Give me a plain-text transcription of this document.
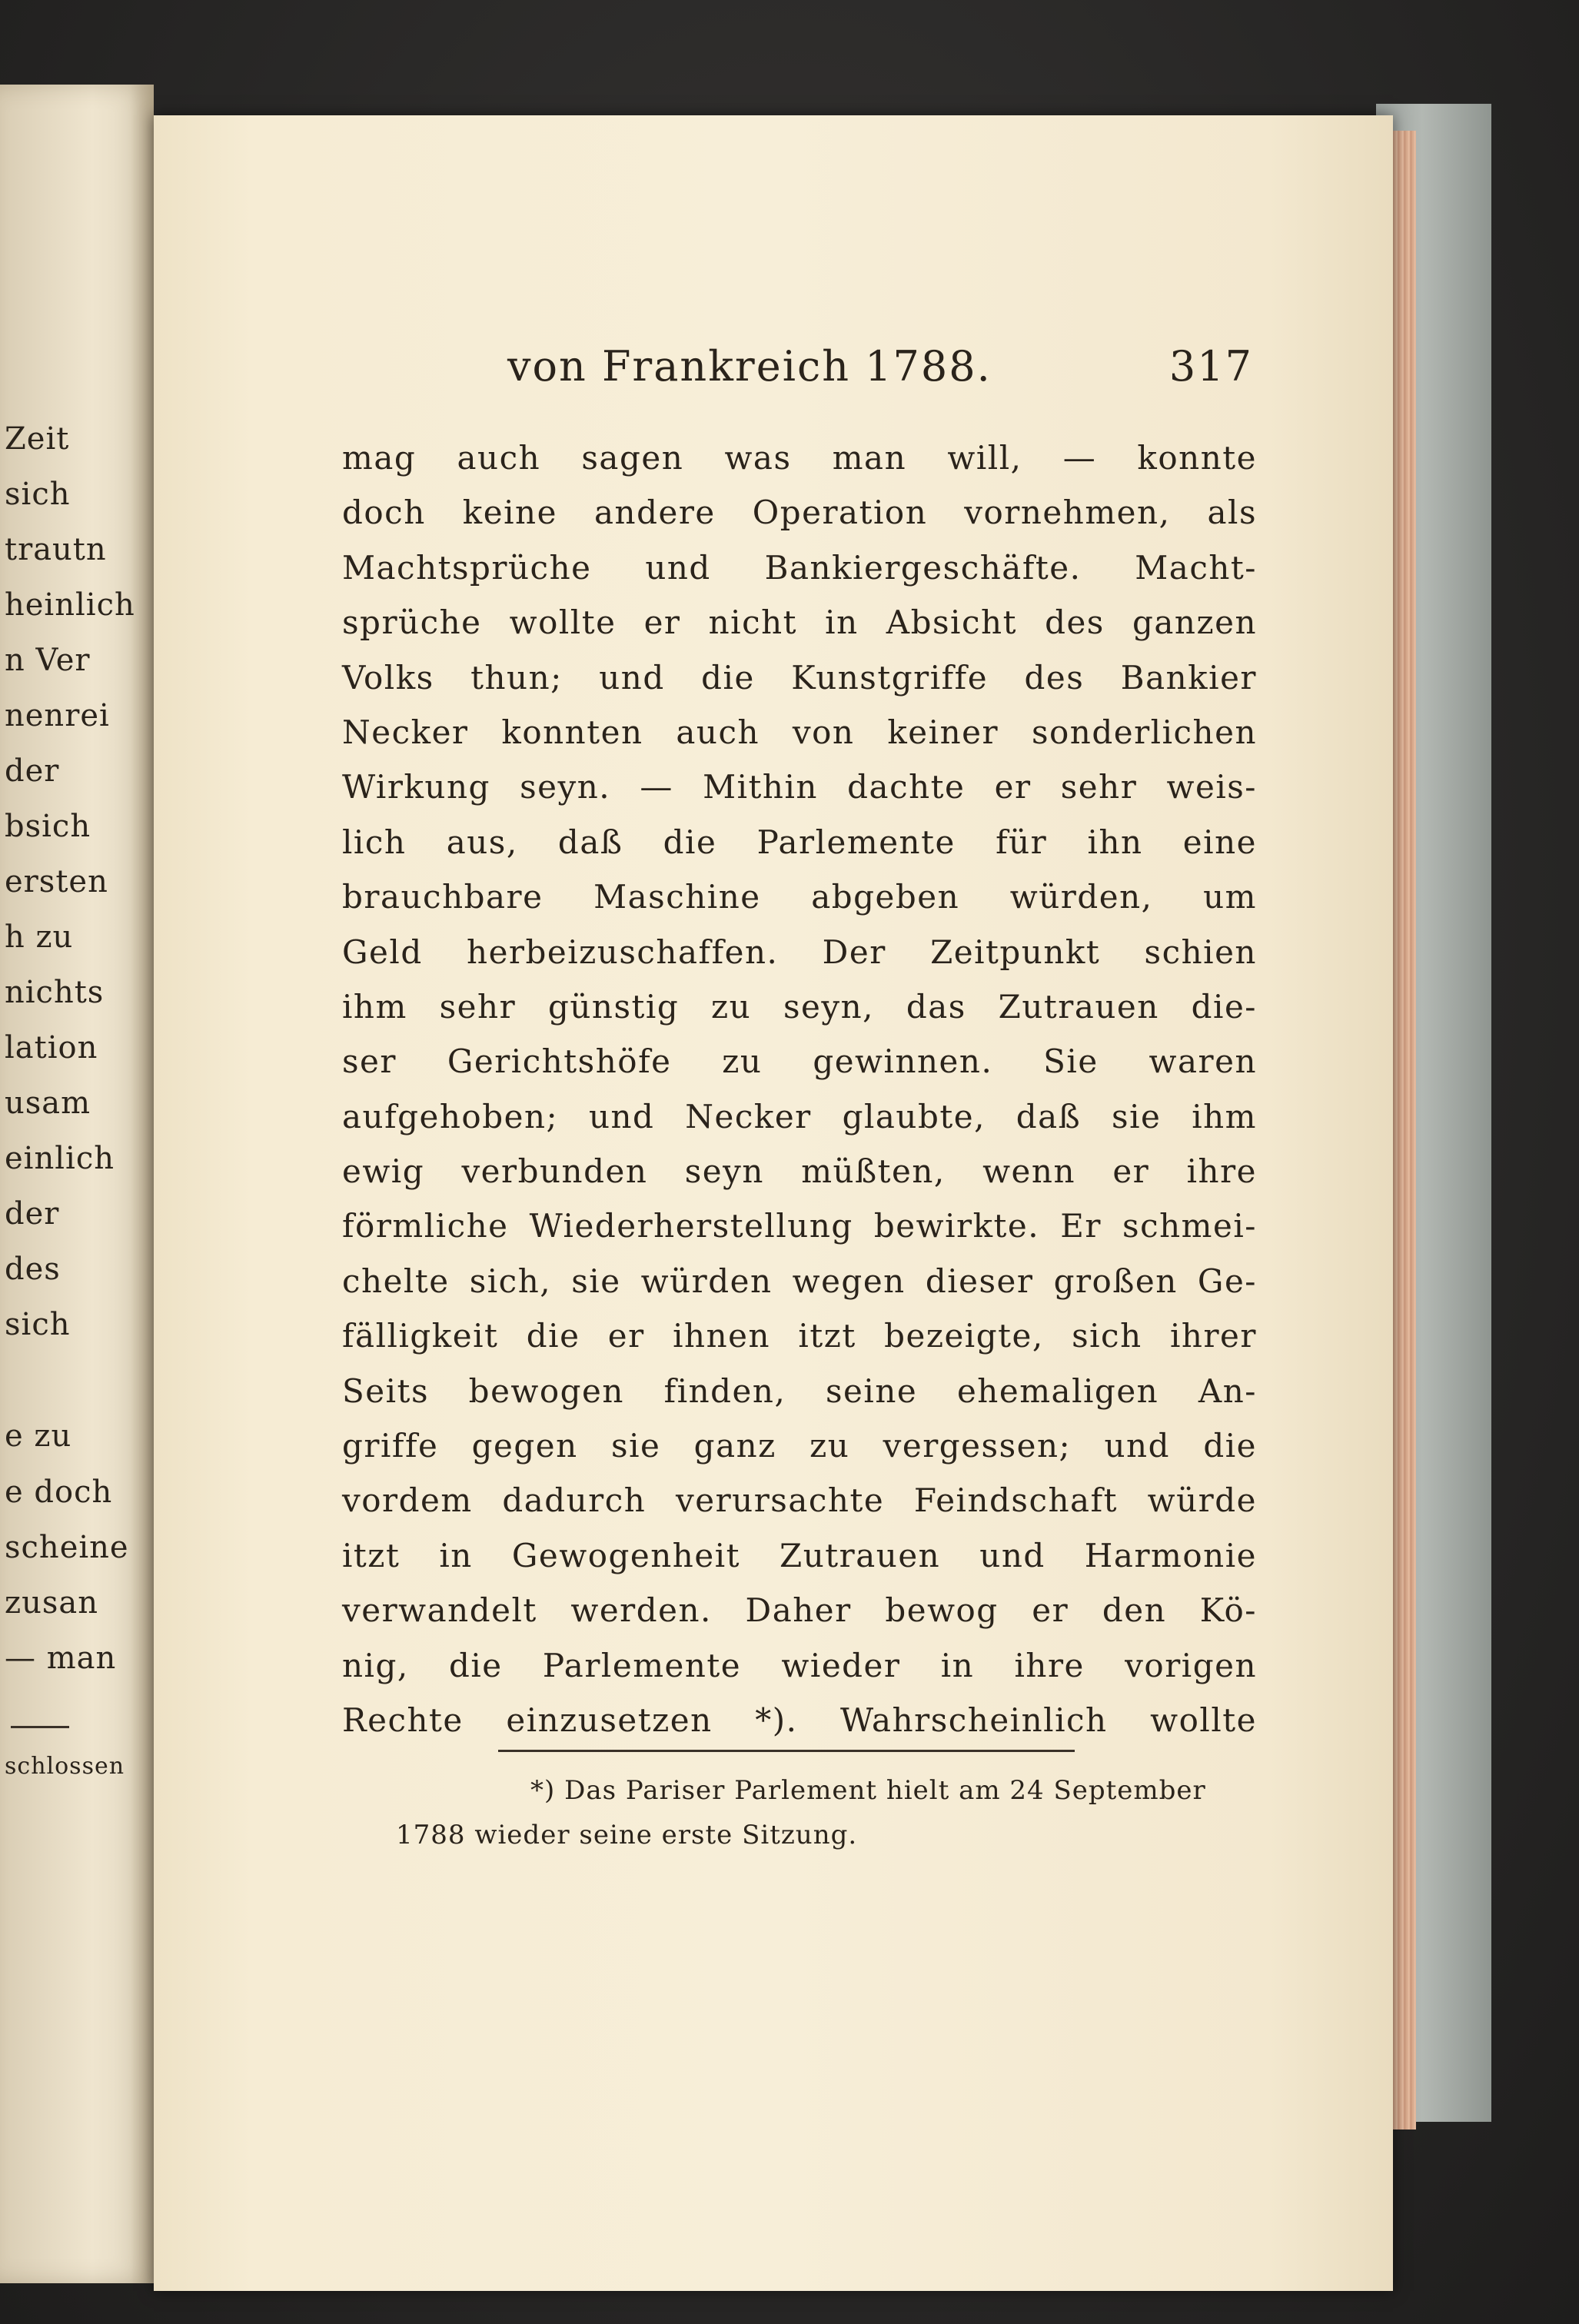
Zeit
sich
trautn
heinlich
n Ver
nenrei
der
bsich
ersten
h zu
nichts
lation
usam
einlich
der
des
sich
e zu
e doch
scheine
zusan
— man
schlossen
von Frankreich 1788.	317
mag auch sagen was man will, — konnte
doch keine andere Operation vornehmen, als
Machtsprüche und Bankiergeschäfte. Macht-
sprüche wollte er nicht in Absicht des ganzen
Volks thun; und die Kunstgriffe des Bankier
Necker konnten auch von keiner sonderlichen
Wirkung seyn. — Mithin dachte er sehr weis-
lich aus, daß die Parlemente für ihn eine
brauchbare Maschine abgeben würden, um
Geld herbeizuschaffen. Der Zeitpunkt schien
ihm sehr günstig zu seyn, das Zutrauen die-
ser Gerichtshöfe zu gewinnen. Sie waren
aufgehoben; und Necker glaubte, daß sie ihm
ewig verbunden seyn müßten, wenn er ihre
förmliche Wiederherstellung bewirkte. Er schmei-
chelte sich, sie würden wegen dieser großen Ge-
fälligkeit die er ihnen itzt bezeigte, sich ihrer
Seits bewogen finden, seine ehemaligen An-
griffe gegen sie ganz zu vergessen; und die
vordem dadurch verursachte Feindschaft würde
itzt in Gewogenheit Zutrauen und Harmonie
verwandelt werden. Daher bewog er den Kö-
nig, die Parlemente wieder in ihre vorigen
Rechte einzusetzen *). Wahrscheinlich wollte
*) Das Pariser Parlement hielt am 24 September
1788 wieder seine erste Sitzung.
